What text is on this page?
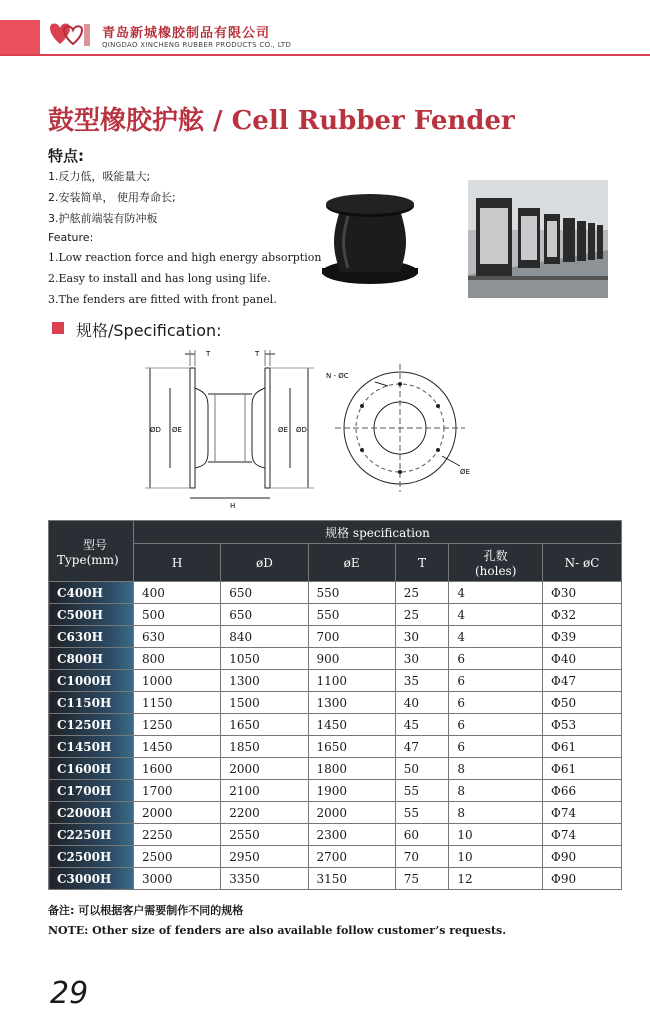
青岛新城橡胶制品有限公司
QINGDAO XINCHENG RUBBER PRODUCTS CO., LTD
鼓型橡胶护舷 / Cell Rubber Fender
特点:
1.反力低，吸能量大;
2.安装简单， 使用寿命长;
3.护舷前端装有防冲板
Feature:
1.Low reaction force and high energy absorption
2.Easy to install and has long using life.
3.The fenders are fitted with front panel.
规格/Specification:
T	T
ØD ØE	ØE ØD
H
N - ØC
ØE
型号
Type(mm)	规格 specification					
	H	øD	øE	T	孔数
(holes)	N- øC
C400H	400	650	550	25	4	Φ30
C500H	500	650	550	25	4	Φ32
C630H	630	840	700	30	4	Φ39
C800H	800	1050	900	30	6	Φ40
C1000H	1000	1300	1100	35	6	Φ47
C1150H	1150	1500	1300	40	6	Φ50
C1250H	1250	1650	1450	45	6	Φ53
C1450H	1450	1850	1650	47	6	Φ61
C1600H	1600	2000	1800	50	8	Φ61
C1700H	1700	2100	1900	55	8	Φ66
C2000H	2000	2200	2000	55	8	Φ74
C2250H	2250	2550	2300	60	10	Φ74
C2500H	2500	2950	2700	70	10	Φ90
C3000H	3000	3350	3150	75	12	Φ90
备注: 可以根据客户需要制作不同的规格
NOTE: Other size of fenders are also available follow customer’s requests.
29
